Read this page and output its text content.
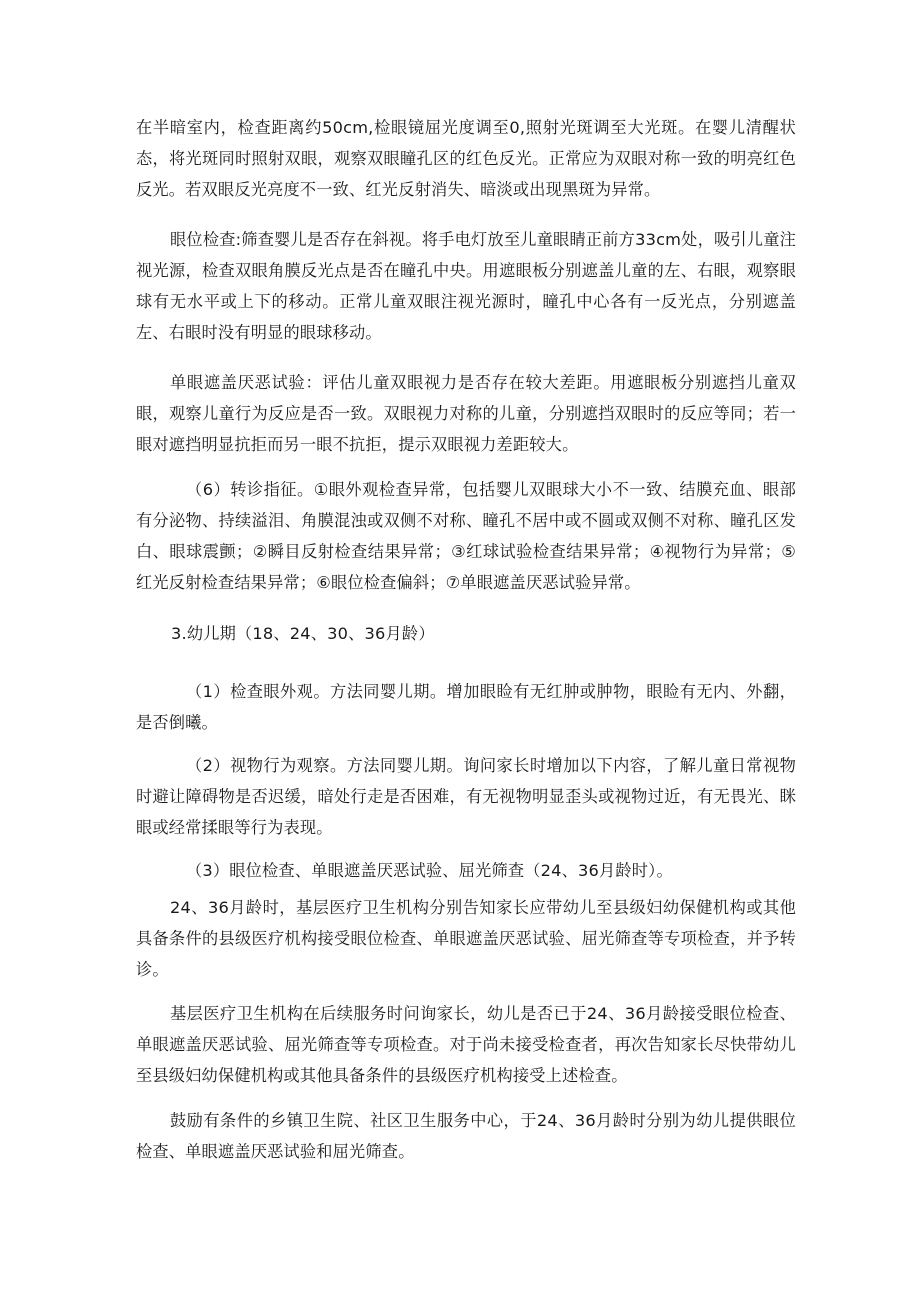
在半暗室内，检查距离约50cm,检眼镜屈光度调至0,照射光斑调至大光斑。在婴儿清醒状态，将光斑同时照射双眼，观察双眼瞳孔区的红色反光。正常应为双眼对称一致的明亮红色反光。若双眼反光亮度不一致、红光反射消失、暗淡或出现黑斑为异常。

眼位检查:筛查婴儿是否存在斜视。将手电灯放至儿童眼睛正前方33cm处，吸引儿童注视光源，检查双眼角膜反光点是否在瞳孔中央。用遮眼板分别遮盖儿童的左、右眼，观察眼球有无水平或上下的移动。正常儿童双眼注视光源时，瞳孔中心各有一反光点，分别遮盖左、右眼时没有明显的眼球移动。

单眼遮盖厌恶试验：评估儿童双眼视力是否存在较大差距。用遮眼板分别遮挡儿童双眼，观察儿童行为反应是否一致。双眼视力对称的儿童，分别遮挡双眼时的反应等同；若一眼对遮挡明显抗拒而另一眼不抗拒，提示双眼视力差距较大。

（6）转诊指征。①眼外观检查异常，包括婴儿双眼球大小不一致、结膜充血、眼部有分泌物、持续溢泪、角膜混浊或双侧不对称、瞳孔不居中或不圆或双侧不对称、瞳孔区发白、眼球震颤；②瞬目反射检查结果异常；③红球试验检查结果异常；④视物行为异常；⑤红光反射检查结果异常；⑥眼位检查偏斜；⑦单眼遮盖厌恶试验异常。

3.幼儿期（18、24、30、36月龄）

（1）检查眼外观。方法同婴儿期。增加眼睑有无红肿或肿物，眼睑有无内、外翻，是否倒曦。

（2）视物行为观察。方法同婴儿期。询问家长时增加以下内容，了解儿童日常视物时避让障碍物是否迟缓，暗处行走是否困难，有无视物明显歪头或视物过近，有无畏光、眯眼或经常揉眼等行为表现。

（3）眼位检查、单眼遮盖厌恶试验、屈光筛查（24、36月龄时）。

24、36月龄时，基层医疗卫生机构分别告知家长应带幼儿至县级妇幼保健机构或其他具备条件的县级医疗机构接受眼位检查、单眼遮盖厌恶试验、屈光筛查等专项检查，并予转诊。

基层医疗卫生机构在后续服务时问询家长，幼儿是否已于24、36月龄接受眼位检查、单眼遮盖厌恶试验、屈光筛查等专项检查。对于尚未接受检查者，再次告知家长尽快带幼儿至县级妇幼保健机构或其他具备条件的县级医疗机构接受上述检查。

鼓励有条件的乡镇卫生院、社区卫生服务中心，于24、36月龄时分别为幼儿提供眼位检查、单眼遮盖厌恶试验和屈光筛查。
